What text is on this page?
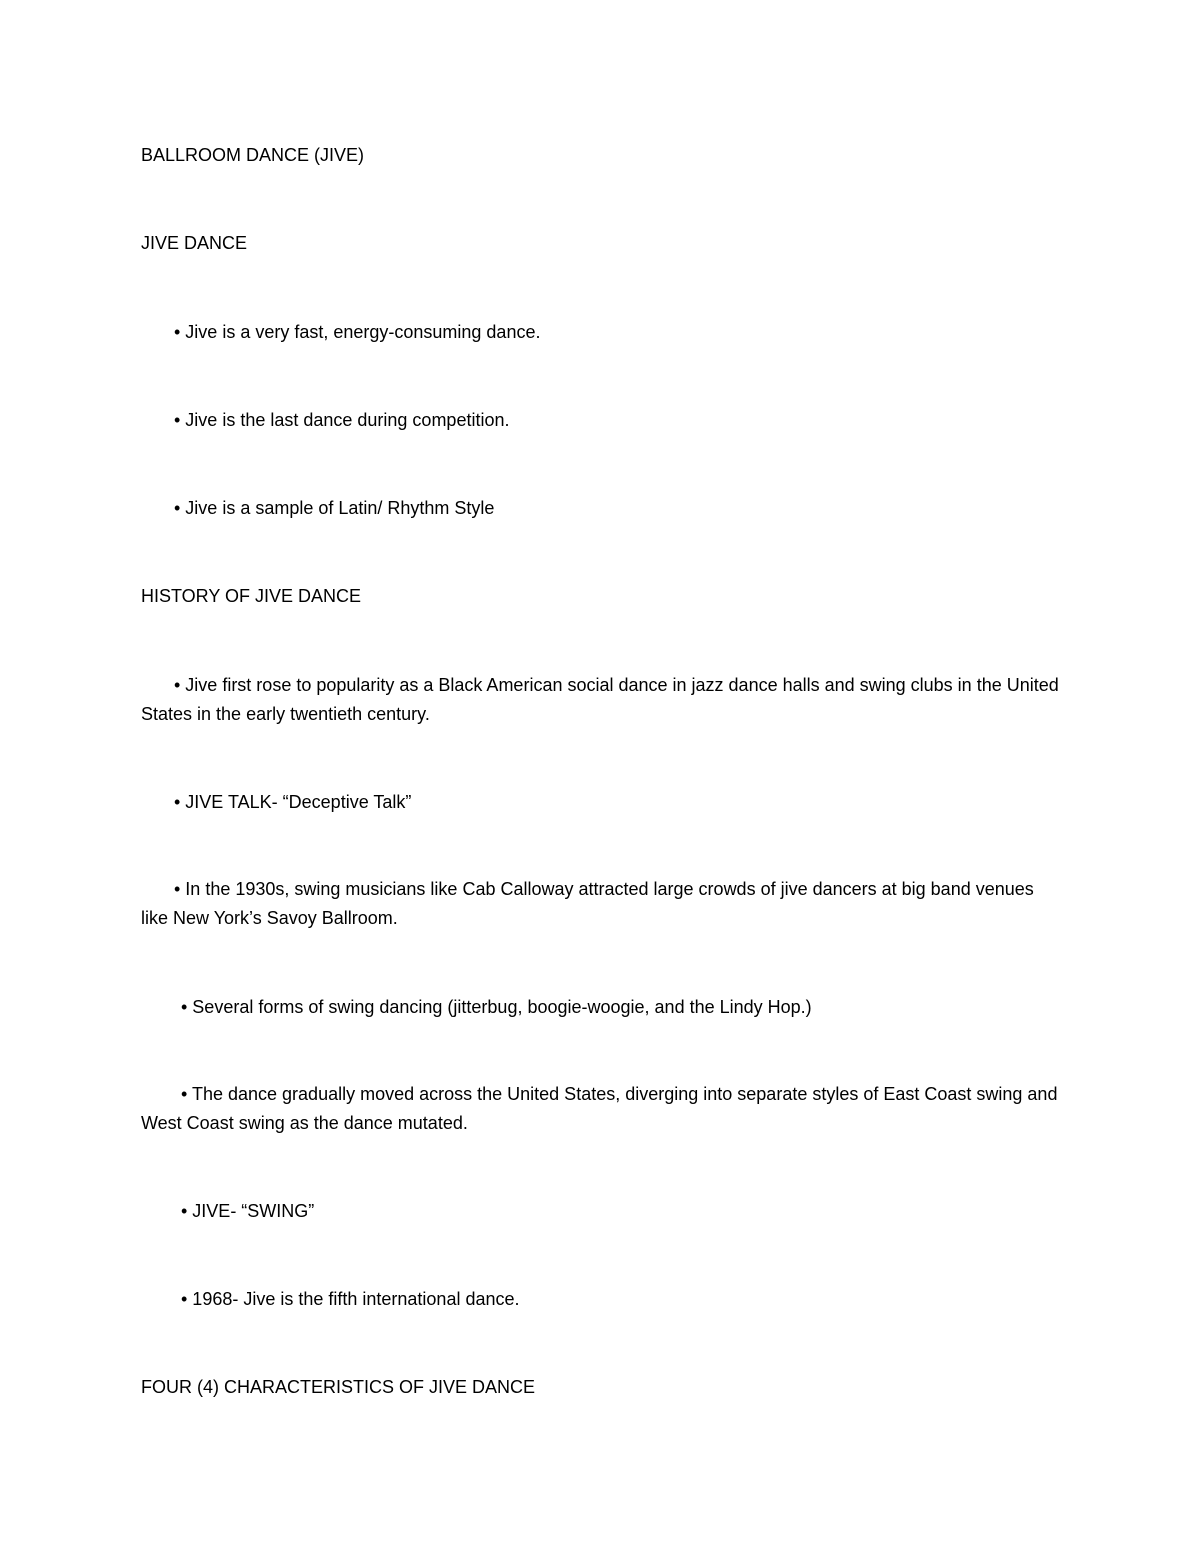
BALLROOM DANCE (JIVE)

JIVE DANCE

• Jive is a very fast, energy-consuming dance.

• Jive is the last dance during competition.

• Jive is a sample of Latin/ Rhythm Style

HISTORY OF JIVE DANCE

• Jive first rose to popularity as a Black American social dance in jazz dance halls and swing clubs in the United States in the early twentieth century.

• JIVE TALK- “Deceptive Talk”

• In the 1930s, swing musicians like Cab Calloway attracted large crowds of jive dancers at big band venues like New York’s Savoy Ballroom.

• Several forms of swing dancing (jitterbug, boogie-woogie, and the Lindy Hop.)

• The dance gradually moved across the United States, diverging into separate styles of East Coast swing and West Coast swing as the dance mutated.

• JIVE- “SWING”

• 1968- Jive is the fifth international dance.

FOUR (4) CHARACTERISTICS OF JIVE DANCE
